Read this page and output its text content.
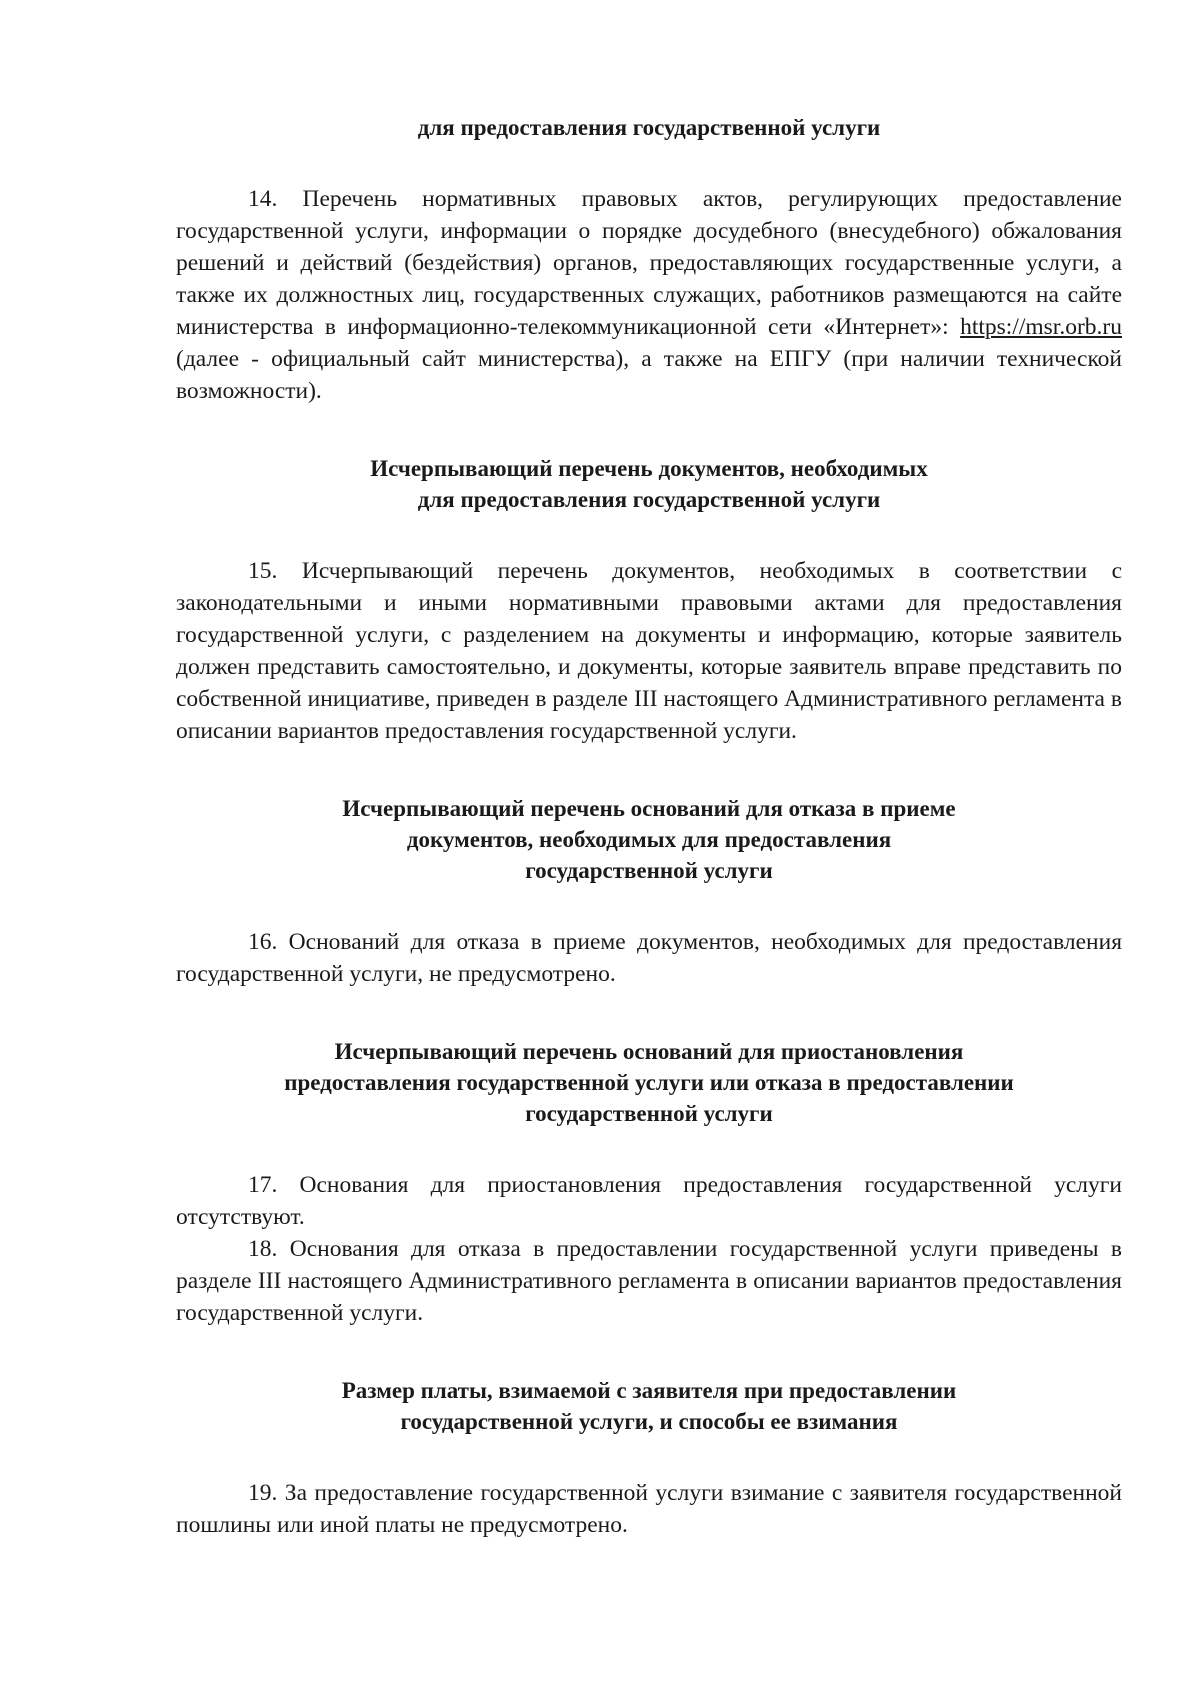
для предоставления государственной услуги

14. Перечень нормативных правовых актов, регулирующих предоставление государственной услуги, информации о порядке досудебного (внесудебного) обжалования решений и действий (бездействия) органов, предоставляющих государственные услуги, а также их должностных лиц, государственных служащих, работников размещаются на сайте министерства в информационно-телекоммуникационной сети «Интернет»: https://msr.orb.ru (далее - официальный сайт министерства), а также на ЕПГУ (при наличии технической возможности).

Исчерпывающий перечень документов, необходимых
для предоставления государственной услуги

15. Исчерпывающий перечень документов, необходимых в соответствии с законодательными и иными нормативными правовыми актами для предоставления государственной услуги, с разделением на документы и информацию, которые заявитель должен представить самостоятельно, и документы, которые заявитель вправе представить по собственной инициативе, приведен в разделе III настоящего Административного регламента в описании вариантов предоставления государственной услуги.

Исчерпывающий перечень оснований для отказа в приеме
документов, необходимых для предоставления
государственной услуги

16. Оснований для отказа в приеме документов, необходимых для предоставления государственной услуги, не предусмотрено.

Исчерпывающий перечень оснований для приостановления
предоставления государственной услуги или отказа в предоставлении
государственной услуги

17. Основания для приостановления предоставления государственной услуги отсутствуют.

18. Основания для отказа в предоставлении государственной услуги приведены в разделе III настоящего Административного регламента в описании вариантов предоставления государственной услуги.

Размер платы, взимаемой с заявителя при предоставлении
государственной услуги, и способы ее взимания

19. За предоставление государственной услуги взимание с заявителя государственной пошлины или иной платы не предусмотрено.
